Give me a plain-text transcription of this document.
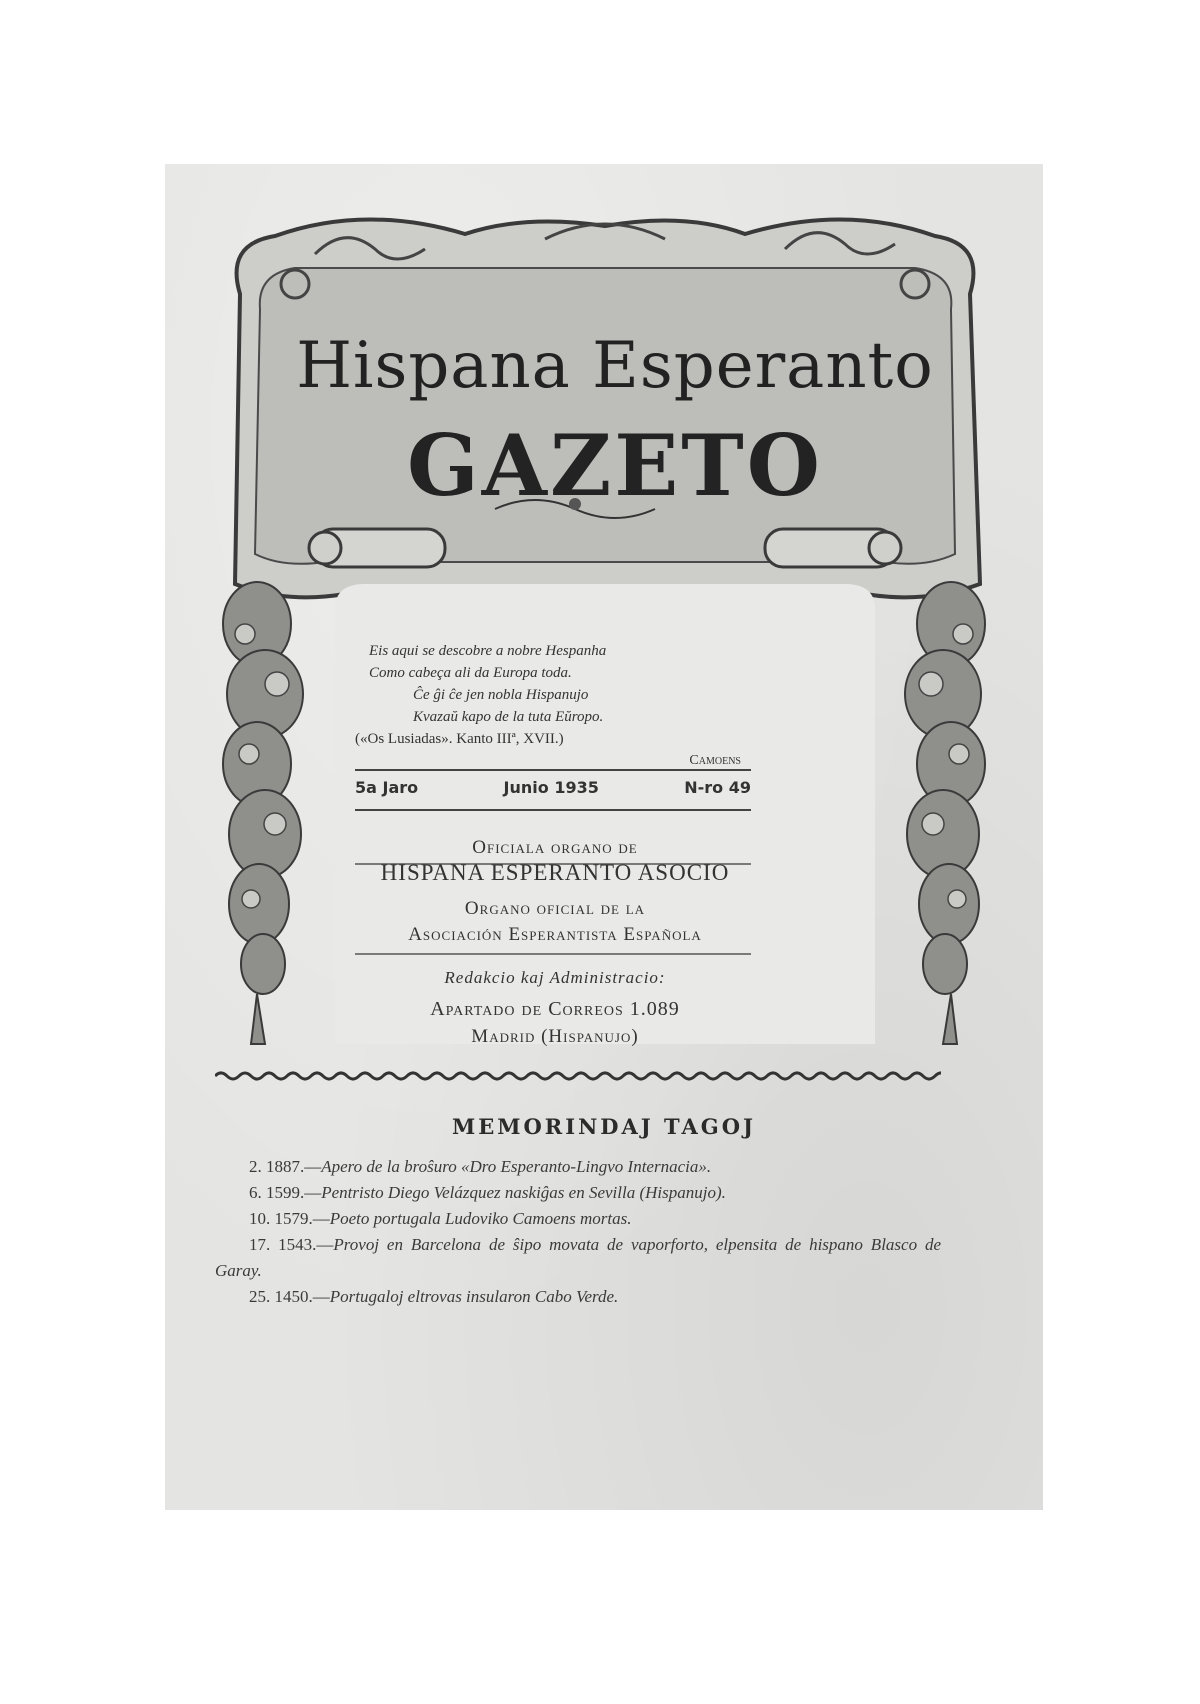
Hispana Esperanto
GAZETO
Eis aqui se descobre a nobre Hespanha
Como cabeça ali da Europa toda.
Ĉe ĝi ĉe jen nobla Hispanujo
Kvazaŭ kapo de la tuta Eŭropo.
(«Os Lusiadas». Kanto IIIª, XVII.)
Camoens
5a Jaro	Junio 1935	N-ro 49
Oficiala organo de
HISPANA ESPERANTO ASOCIO
Organo oficial de la
Asociación Esperantista Española
Redakcio kaj Administracio:
Apartado de Correos 1.089
Madrid (Hispanujo)
MEMORINDAJ TAGOJ

2. 1887.—Apero de la broŝuro «Dro Esperanto-Lingvo Internacia».

6. 1599.—Pentristo Diego Velázquez naskiĝas en Sevilla (Hispanujo).

10. 1579.—Poeto portugala Ludoviko Camoens mortas.

17. 1543.—Provoj en Barcelona de ŝipo movata de vaporforto, elpensita de hispano Blasco de Garay.

25. 1450.—Portugaloj eltrovas insularon Cabo Verde.
